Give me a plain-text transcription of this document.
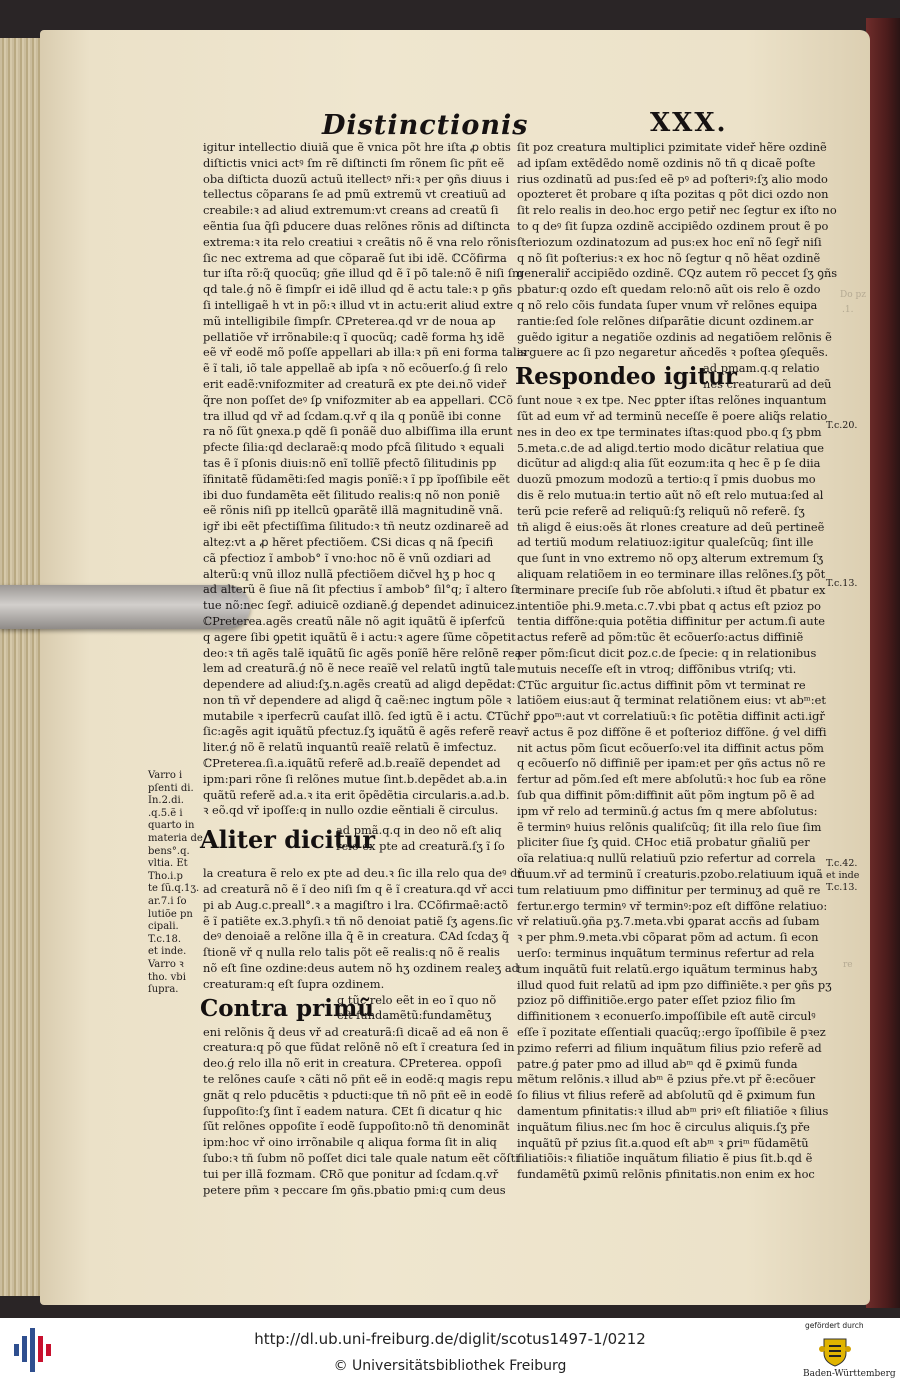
Distinctionis	XXX.

igitur intellectio diuiã que ẽ vnica põt hre iſta ꝓ obtis

diſtictis vnici actꝰ ſm rẽ diſtincti ſm rõnem ſic pñt eẽ

oba diſticta duozũ actuũ itellectꝰ nři:ꝛ per ꝯñs diuus i

tellectus cõparans ſe ad pmũ extremũ vt creatiuũ ad

creabile:ꝛ ad aliud extremum:vt creans ad creatũ ſi

eẽntia ſua q̃ſi ꝑducere duas relõnes rõnis ad diſtincta

extrema:ꝛ ita relo creatiui ꝛ creãtis nõ ẽ vna relo rõnis

ſic nec extrema ad que cõparaẽ ſut ibi idẽ. ℂCõfirma

tur iſta rõ:q̃ quocũq; gñe illud qd ẽ ĩ põ tale:nõ ẽ niſi ſm

qd tale.ǵ nõ ẽ ſimpſr ei idẽ illud qd ẽ actu tale:ꝛ p ꝯñs

ſi intelligaẽ h vt in põ:ꝛ illud vt in actu:erit aliud extre

mũ intelligibile ſimpſr. ℂPreterea.qd vr de noua ap

pellatiõe vř irrõnabile:q ĩ quocũq; cadẽ forma hʒ idẽ

eẽ vř eodẽ mõ poſſe appellari ab illa:ꝛ pñ eni forma talis

ẽ ĩ tali, iõ tale appellaẽ ab ipſa ꝛ nõ ecõuerſo.ǵ ſi relo

erit eadẽ:vnifozmiter ad creaturã ex pte dei.nõ videř

q̃re non poſſet deꝰ ſꝑ vnifozmiter ab ea appellari. ℂCõ

tra illud qd vř ad ſcdam.q.vř q ila q ponũẽ ibi conne

ra nõ ſũt ꝯnexa.p qdẽ ſi ponãẽ duo albiſſima illa erunt

pfecte ſilia:qd declaraẽ:q modo pfcã ſilitudo ꝛ equali

tas ẽ ĩ pſonis diuis:nõ enĩ tollĩẽ pfectõ ſilitudinis pp

ĩfinitatẽ fũdamẽti:ſed magis ponĩẽ:ꝛ ĩ pp ĩpoſſibile eẽt

ibi duo fundamẽta eẽt ſilitudo realis:q nõ non poniẽ

eẽ rõnis niſi pp itellcũ ꝯparãtẽ illã magnitudinẽ vnã.

igř ibi eẽt pfectiſſima ſilitudo:ꝛ tñ neutz ozdinareẽ ad

alteẓ:vt a ꝓ hẽret pfectiõem. ℂSi dicas q nã ſpecifi

cã pfectioz ĩ ambob° ĩ vno:hoc nõ ẽ vnũ ozdiari ad

alterũ:q vnũ illoz nullã pfectiõem dičvel hʒ p hoc q

ad alterũ ẽ ſiue nã ſit pfectius ĩ ambob° ſil°q; ĩ altero ſi

tue nõ:nec ſegř. adiuicẽ ozdianẽ.ǵ dependet adinuicez.

ℂPreterea.agẽs creatũ nãle nõ agit iquãtũ ẽ ipſerfcũ

q agere ſibi ꝯpetit iquãtũ ẽ i actu:ꝛ agere ſũme cõpetit

deo:ꝛ tñ agẽs talẽ iquãtũ ſic agẽs ponĩẽ hẽre relõnẽ rea

lem ad creaturã.ǵ nõ ẽ nece reaĩẽ vel relatũ ingtũ tale

dependere ad aliud:ſʒ.n.agẽs creatũ ad aligd depẽdat:

non tñ vř dependere ad aligd q̃ caẽ:nec ingtum põle ꝛ

mutabile ꝛ iperfecrũ cauſat illõ. ſed igtũ ẽ i actu. ℂTũc

ſic:agẽs agit iquãtũ pfectuz.ſʒ iquãtũ ẽ agẽs referẽ rea

liter.ǵ nõ ẽ relatũ inquantũ reaĩẽ relatũ ẽ imfectuz.

ℂPreterea.ſi.a.iquãtũ referẽ ad.b.reaĩẽ dependet ad

ipm:pari rõne ſi relõnes mutue ſint.b.depẽdet ab.a.in

quãtũ referẽ ad.a.ꝛ ita erit õpẽdẽtia circularis.a.ad.b.

ꝛ eõ.qd vř ipoſſe:q in nullo ozdie eẽntiali ẽ circulus.

Aliter dicitur

ad pmã.q.q in deo nõ eſt aliq

relo ex pte ad creaturã.ſʒ ĩ ſo

la creatura ẽ relo ex pte ad deu.ꝛ ſic illa relo qua deꝰ dř

ad creaturã nõ ẽ ĩ deo niſi ſm q ẽ ĩ creatura.qd vř acci

pi ab Aug.c.preall°.ꝛ a magiſtro i lra. ℂCõfirmaẽ:actõ

ẽ ĩ patiẽte ex.3.phyſi.ꝛ tñ nõ denoiat patiẽ ſʒ agens.ſic

deꝰ denoiaẽ a relõne illa q̃ ẽ in creatura. ℂAd ſcdaʒ q̃

ſtionẽ vř q nulla relo talis põt eẽ realis:q nõ ẽ realis

nõ eſt ſine ozdine:deus autem nõ hʒ ozdinem realeʒ ad

creaturam:q eſt ſupra ozdinem.

Contra primũ

q tũc relo eẽt in eo ĩ quo nõ

eſt fundamẽtũ:fundamẽtuʒ

eni relõnis q̃ deus vř ad creaturã:ſi dicaẽ ad eã non ẽ

creatura:q põ que fũdat relõnẽ nõ eſt ĩ creatura ſed in

deo.ǵ relo illa nõ erit in creatura. ℂPreterea. oppoſi

te relõnes cauſe ꝛ cãti nõ pñt eẽ in eodẽ:q magis repu

gnãt q relo pducẽtis ꝛ pducti:que tñ nõ pñt eẽ in eodẽ

ſuppoſito:ſʒ ſint ĩ eadem natura. ℂEt ſi dicatur q hic

ſũt relõnes oppoſite ĩ eodẽ ſuppoſito:nõ tñ denominãt

ipm:hoc vř oino irrõnabile q aliqua forma ſit in aliq

ſubo:ꝛ tñ ſubm nõ poſſet dici tale quale natum eẽt cõſti

tui per illã fozmam. ℂRõ que ponitur ad ſcdam.q.vř

petere pñm ꝛ peccare ſm ꝯñs.pbatio pmi:q cum deus

ſit poz creatura multiplici pzimitate videř hẽre ozdinẽ

ad ipſam extẽdẽdo nomẽ ozdinis nõ tñ q dicaẽ poſte

rius ozdinatũ ad pus:ſed eẽ pꝰ ad poſteriꝰ:ſʒ alio modo

opozteret ẽt probare q iſta pozitas q põt dici ozdo non

ſit relo realis in deo.hoc ergo petiř nec ſegtur ex iſto no

to q deꝰ ſit ſupza ozdinẽ accipiẽdo ozdinem prout ẽ po

ſteriozum ozdinatozum ad pus:ex hoc enĩ nõ ſegř niſi

q nõ ſit poſterius:ꝛ ex hoc nõ ſegtur q nõ hẽat ozdinẽ

generaliř accipiẽdo ozdinẽ. ℂQz autem rõ peccet ſʒ ꝯñs

pbatur:q ozdo eſt quedam relo:nõ aũt ois relo ẽ ozdo

q nõ relo cõis fundata ſuper vnum vř relõnes equipa

rantie:ſed ſole relõnes diſparãtie dicunt ozdinem.ar

guẽdo igitur a negatiõe ozdinis ad negatiõem relõnis ẽ

arguere ac ſi pzo negaretur aňcedẽs ꝛ poſtea ꝯſequẽs.

Respondeo igitur

ad pmam.q.q relatio

nes creaturarũ ad deũ

ſunt noue ꝛ ex tpe. Nec ꝑpter iſtas relõnes inquantum

ſũt ad eum vř ad terminũ neceſſe ẽ poere aliq̃s relatio

nes in deo ex tpe terminates iſtas:quod pbo.q ſʒ pbm

5.meta.c.de ad aligd.tertio modo dicãtur relatiua que

dicũtur ad aligd:q alia ſũt eozum:ita q hec ẽ p ſe diia

duozũ pmozum modozũ a tertio:q ĩ pmis duobus mo

dis ẽ relo mutua:in tertio aũt nõ eſt relo mutua:ſed al

terũ pcie referẽ ad reliquũ:ſʒ reliquũ nõ referẽ. ſʒ

tñ aligd ẽ eius:oẽs ãt rlones creature ad deũ pertineẽ

ad tertiũ modum relatiuoz:igitur qualeſcũq; ſint ille

que ſunt in vno extremo nõ opʒ alterum extremum ſʒ

aliquam relatiõem in eo terminare illas relõnes.ſʒ põt

terminare preciſe ſub rõe abſoluti.ꝛ iſtud ẽt pbatur ex

intentiõe phi.9.meta.c.7.vbi pbat q actus eſt pzioz po

tentia diffõne:quia potẽtia diffinitur per actum.ſi aute

actus referẽ ad põm:tũc ẽt ecõuerſo:actus diffiniẽ

per põm:ſicut dicit ꝑoz.c.de ſpecie: q in relationibus

mutuis neceſſe eſt in vtroq; diffõnibus vtriſq; vti.

ℂTũc arguitur ſic.actus diffinit põm vt terminat re

latiõem eius:aut q̃ terminat relatiõnem eius: vt abᵐ:et

hř ꝑpoᵐ:aut vt correlatiuũ:ꝛ ſic potẽtia diffinit acti.igř

vř actus ẽ poz diffõne ẽ et poſterioz diffõne. ǵ vel diffi

nit actus põm ſicut ecõuerſo:vel ita diffinit actus põm

q ecõuerſo nõ diffiniẽ per ipam:et per ꝯñs actus nõ re

fertur ad põm.ſed eſt mere abſolutũ:ꝛ hoc ſub ea rõne

ſub qua diffinit põm:diffinit aũt põm ingtum põ ẽ ad

ipm vř relo ad terminũ.ǵ actus ſm q mere abſolutus:

ẽ terminꝰ huius relõnis qualiſcũq; ſit illa relo ſiue ſim

pliciter ſiue ſʒ quid. ℂHoc etiã probatur gñaliũ per

oĩa relatiua:q nullũ relatiuũ pzio refertur ad correla

tiuum.vř ad terminũ ĩ creaturis.pzobo.relatiuum iquã

tum relatiuum pmo diffinitur per terminuʒ ad quẽ re

fertur.ergo terminꝰ vř terminꝰ:poz eſt diffõne relatiuo:

vř relatiuũ.ꝯña pʒ.7.meta.vbi ꝯparat accñs ad ſubam

ꝛ per phm.9.meta.vbi cõparat põm ad actum. ſi econ

uerſo: terminus inquãtum terminus refertur ad rela

tum inquãtũ fuit relatũ.ergo iquãtum terminus habʒ

illud quod fuit relatũ ad ipm pzo diffiniẽte.ꝛ per ꝯñs pʒ

pzioz põ diffinitiõe.ergo pater eſſet pzioz filio ſm

diffinitionem ꝛ econuerſo.impoſſibile eſt autẽ circulꝰ

eſſe ĩ pozitate eſſentiali quacũq;:ergo ĩpoſſibile ẽ pꝛez

pzimo referri ad filium inquãtum filius pzio referẽ ad

patre.ǵ pater pmo ad illud abᵐ qd ẽ ꝑximũ funda

mẽtum relõnis.ꝛ illud abᵐ ẽ pzius pře.vt př ẽ:ecõuer

ſo filius vt filius referẽ ad abſolutũ qd ẽ ꝑximum fun

damentum pfinitatis:ꝛ illud abᵐ priꝰ eſt filiatiõe ꝛ ſilius

inquãtum filius.nec ſm hoc ẽ circulus aliquis.ſʒ pře

inquãtũ př pzius ſit.a.quod eſt abᵐ ꝛ ꝑriᵐ fũdamẽtũ

filiatiõis:ꝛ filiatiõe inquãtum filiatio ẽ pius ſit.b.qd ẽ

fundamẽtũ ꝑximũ relõnis pfinitatis.non enim ex hoc

Varro i
pſenti di.
In.2.di.
.q.5.ẽ i
quarto in
materia de
bens°.q.
vltia. Et
Tho.i.p
te ſũ.q.1ʒ.
ar.7.i ſo
lutiõe pn
cipali.
T.c.18.
et inde.
Varro ꝛ
tho. vbi
ſupra.
T.c.20.
T.c.13.
T.c.42.
et inde
T.c.13.
Do pz
.1.
re
http://dl.ub.uni-freiburg.de/diglit/scotus1497-1/0212
© Universitätsbibliothek Freiburg
gefördert durch
Baden-Württemberg
